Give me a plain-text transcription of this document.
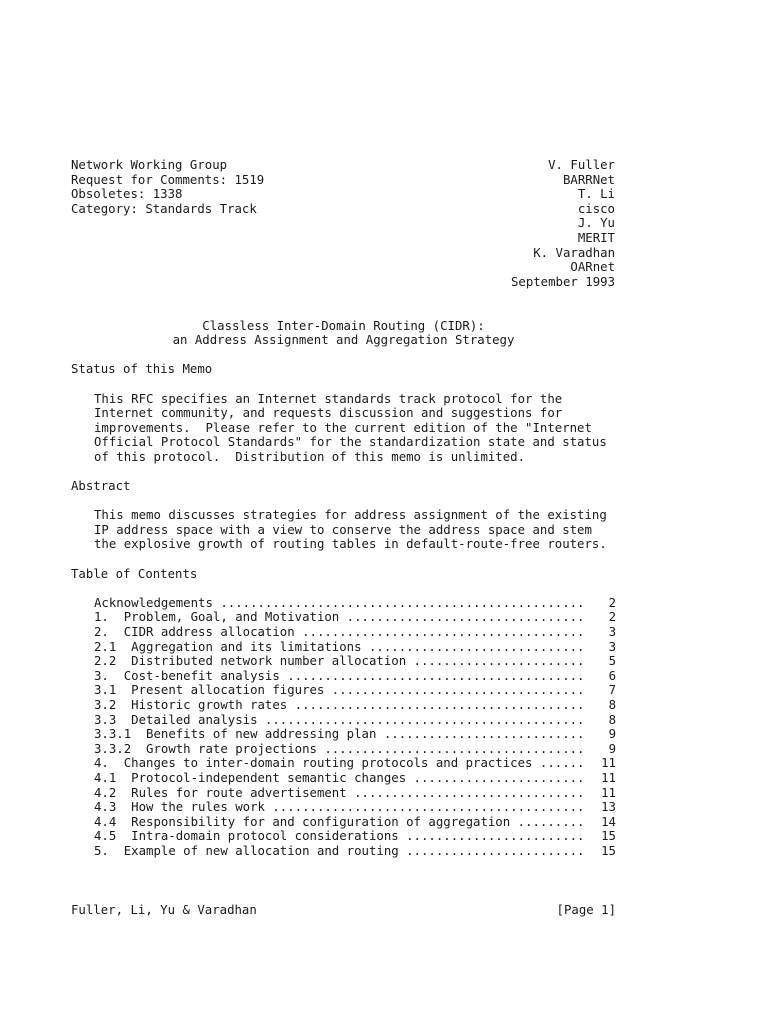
Network Working Group
Request for Comments: 1519
Obsoletes: 1338
Category: Standards Track
V. Fuller
BARRNet
T. Li
cisco
J. Yu
MERIT
K. Varadhan
OARnet
September 1993
Classless Inter-Domain Routing (CIDR):
an Address Assignment and Aggregation Strategy
Status of this Memo
This RFC specifies an Internet standards track protocol for the
Internet community, and requests discussion and suggestions for
improvements.  Please refer to the current edition of the "Internet
Official Protocol Standards" for the standardization state and status
of this protocol.  Distribution of this memo is unlimited.
Abstract
This memo discusses strategies for address assignment of the existing
IP address space with a view to conserve the address space and stem
the explosive growth of routing tables in default-route-free routers.
Table of Contents
Acknowledgements ................................................. 2
1.  Problem, Goal, and Motivation ................................ 2
2.  CIDR address allocation ...................................... 3
2.1  Aggregation and its limitations ............................. 3
2.2  Distributed network number allocation ....................... 5
3.  Cost-benefit analysis ........................................ 6
3.1  Present allocation figures .................................. 7
3.2  Historic growth rates ....................................... 8
3.3  Detailed analysis ........................................... 8
3.3.1  Benefits of new addressing plan ........................... 9
3.3.2  Growth rate projections ................................... 9
4.  Changes to inter-domain routing protocols and practices ...... 11
4.1  Protocol-independent semantic changes ....................... 11
4.2  Rules for route advertisement ............................... 11
4.3  How the rules work .......................................... 13
4.4  Responsibility for and configuration of aggregation ......... 14
4.5  Intra-domain protocol considerations ........................ 15
5.  Example of new allocation and routing ........................ 15
Fuller, Li, Yu & Varadhan	[Page 1]
